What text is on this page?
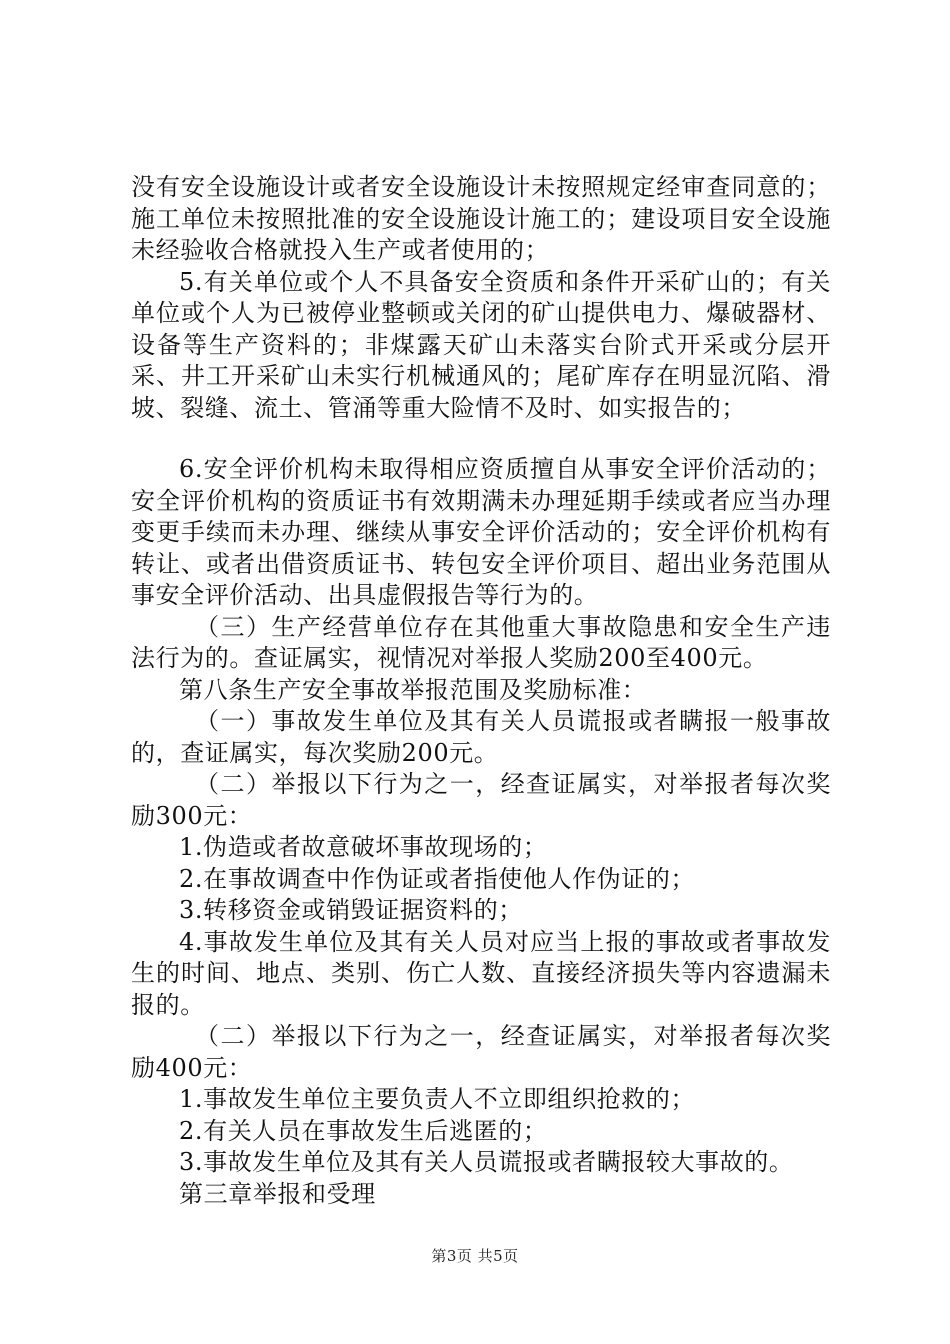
没有安全设施设计或者安全设施设计未按照规定经审查同意的；施工单位未按照批准的安全设施设计施工的；建设项目安全设施未经验收合格就投入生产或者使用的；

5.有关单位或个人不具备安全资质和条件开采矿山的；有关单位或个人为已被停业整顿或关闭的矿山提供电力、爆破器材、设备等生产资料的；非煤露天矿山未落实台阶式开采或分层开采、井工开采矿山未实行机械通风的；尾矿库存在明显沉陷、滑坡、裂缝、流土、管涌等重大险情不及时、如实报告的；

6.安全评价机构未取得相应资质擅自从事安全评价活动的；安全评价机构的资质证书有效期满未办理延期手续或者应当办理变更手续而未办理、继续从事安全评价活动的；安全评价机构有转让、或者出借资质证书、转包安全评价项目、超出业务范围从事安全评价活动、出具虚假报告等行为的。

（三）生产经营单位存在其他重大事故隐患和安全生产违法行为的。查证属实，视情况对举报人奖励200至400元。

第八条生产安全事故举报范围及奖励标准：

（一）事故发生单位及其有关人员谎报或者瞒报一般事故的，查证属实，每次奖励200元。

（二）举报以下行为之一，经查证属实，对举报者每次奖励300元：

1.伪造或者故意破坏事故现场的；

2.在事故调查中作伪证或者指使他人作伪证的；

3.转移资金或销毁证据资料的；

4.事故发生单位及其有关人员对应当上报的事故或者事故发生的时间、地点、类别、伤亡人数、直接经济损失等内容遗漏未报的。

（二）举报以下行为之一，经查证属实，对举报者每次奖励400元：

1.事故发生单位主要负责人不立即组织抢救的；

2.有关人员在事故发生后逃匿的；

3.事故发生单位及其有关人员谎报或者瞒报较大事故的。

第三章举报和受理

第3页 共5页
